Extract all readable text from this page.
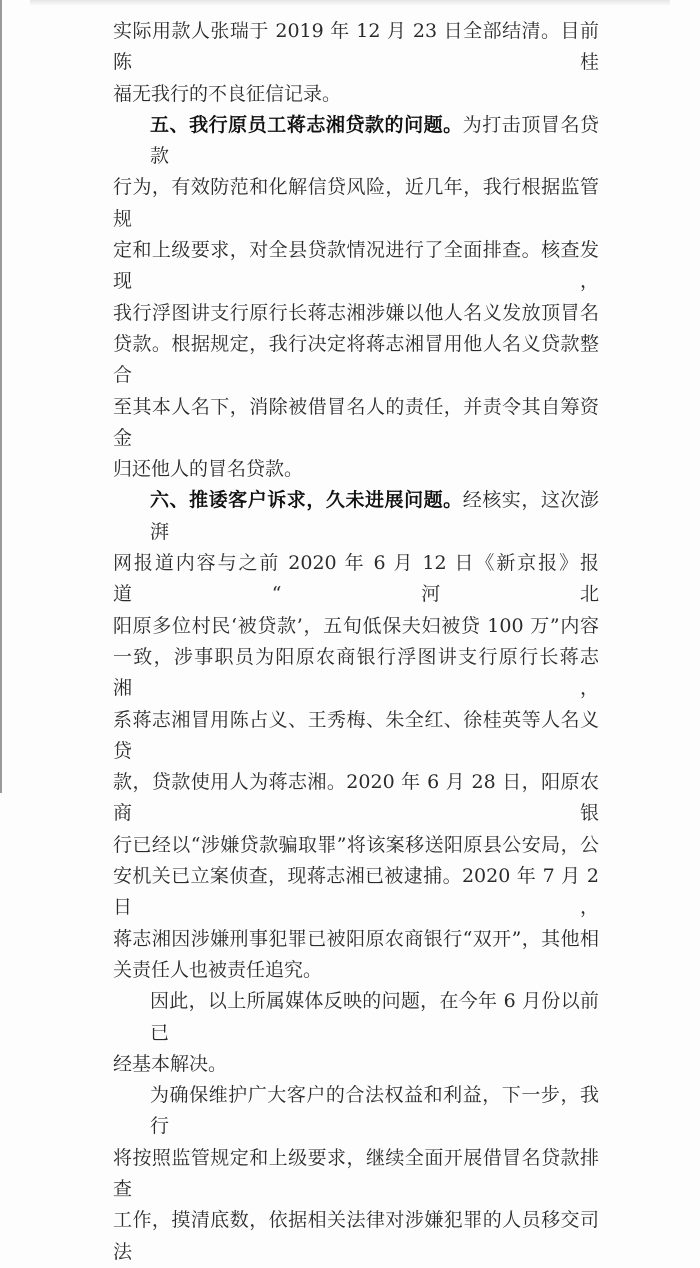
实际用款人张瑞于 2019 年 12 月 23 日全部结清。目前陈桂
福无我行的不良征信记录。
五、我行原员工蒋志湘贷款的问题。为打击顶冒名贷款
行为，有效防范和化解信贷风险，近几年，我行根据监管规
定和上级要求，对全县贷款情况进行了全面排查。核查发现，
我行浮图讲支行原行长蒋志湘涉嫌以他人名义发放顶冒名
贷款。根据规定，我行决定将蒋志湘冒用他人名义贷款整合
至其本人名下，消除被借冒名人的责任，并责令其自筹资金
归还他人的冒名贷款。
六、推诿客户诉求，久未进展问题。经核实，这次澎湃
网报道内容与之前 2020 年 6 月 12 日《新京报》报道“河北
阳原多位村民‘被贷款’，五旬低保夫妇被贷 100 万”内容
一致，涉事职员为阳原农商银行浮图讲支行原行长蒋志湘，
系蒋志湘冒用陈占义、王秀梅、朱全红、徐桂英等人名义贷
款，贷款使用人为蒋志湘。2020 年 6 月 28 日，阳原农商银
行已经以“涉嫌贷款骗取罪”将该案移送阳原县公安局，公
安机关已立案侦查，现蒋志湘已被逮捕。2020 年 7 月 2 日，
蒋志湘因涉嫌刑事犯罪已被阳原农商银行“双开”，其他相
关责任人也被责任追究。
因此，以上所属媒体反映的问题，在今年 6 月份以前已
经基本解决。
为确保维护广大客户的合法权益和利益，下一步，我行
将按照监管规定和上级要求，继续全面开展借冒名贷款排查
工作，摸清底数，依据相关法律对涉嫌犯罪的人员移交司法
